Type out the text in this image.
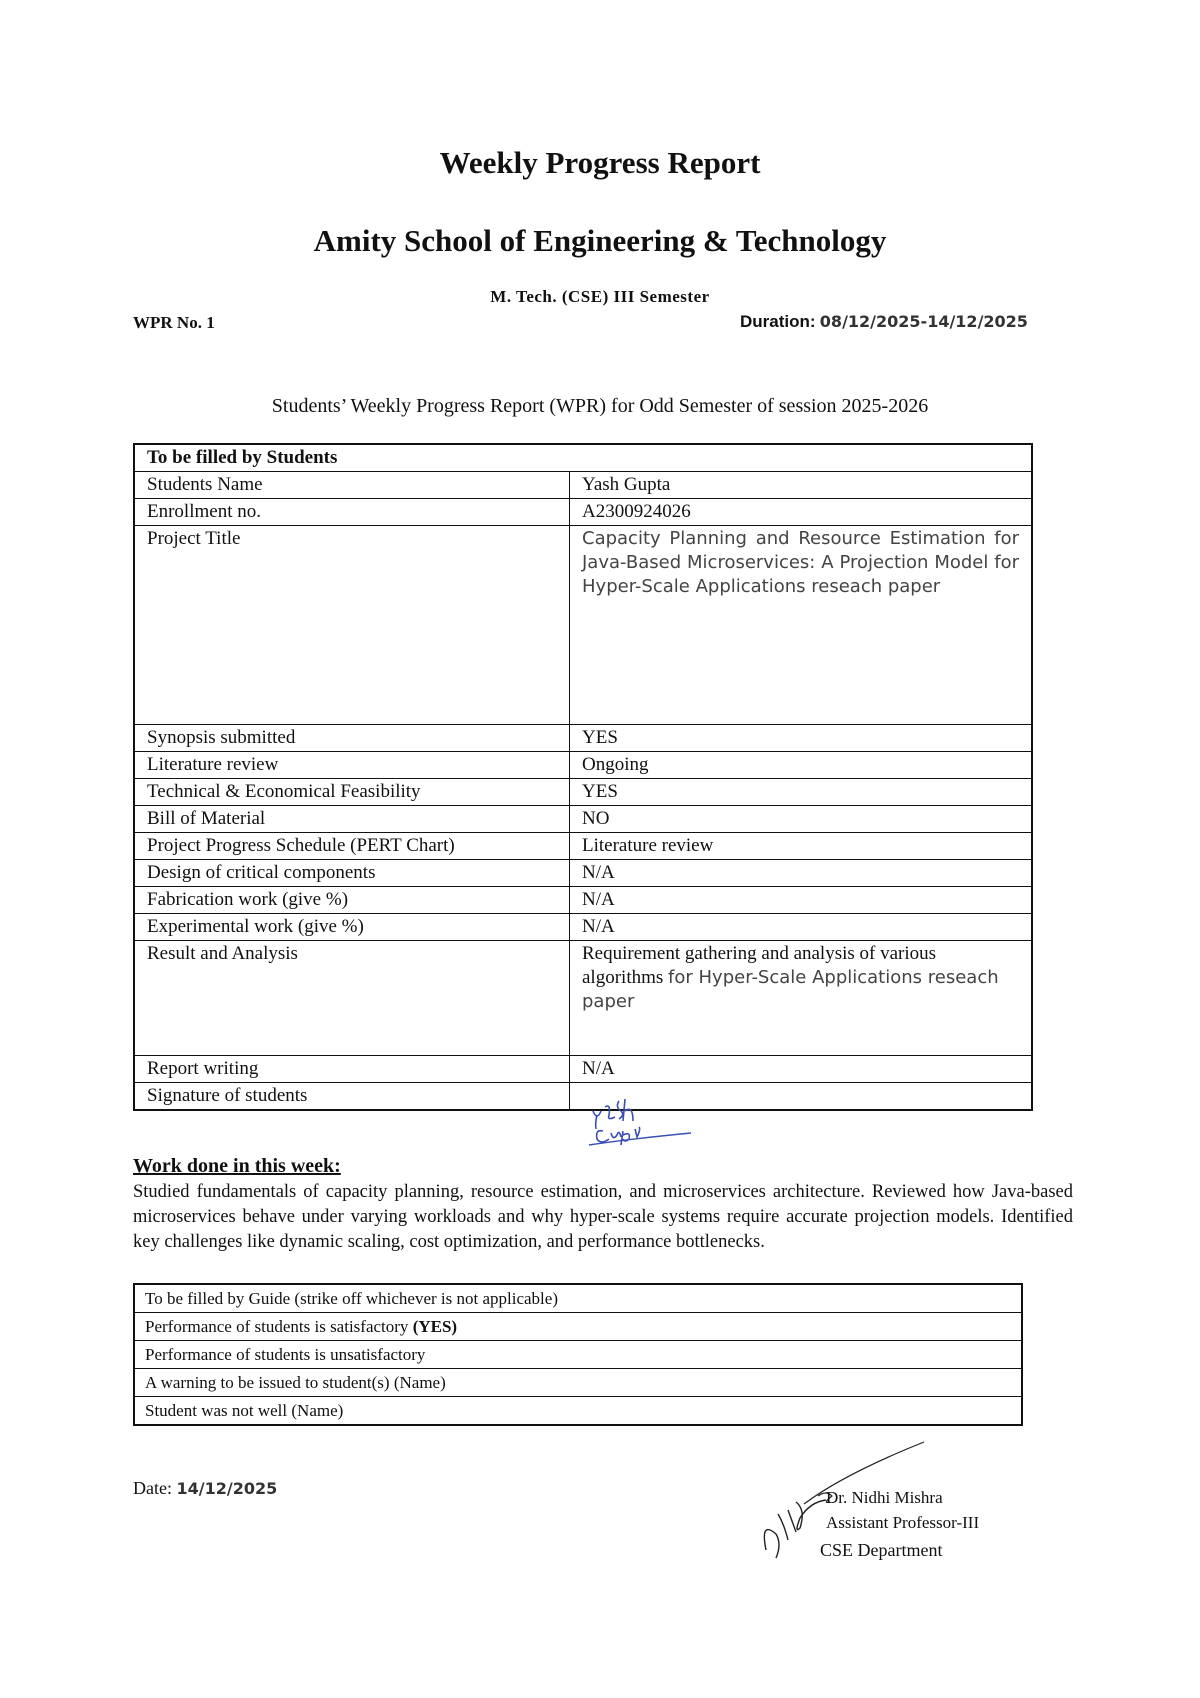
Weekly Progress Report
Amity School of Engineering & Technology
M. Tech. (CSE) III Semester
WPR No. 1	Duration: 08/12/2025-14/12/2025
Students’ Weekly Progress Report (WPR) for Odd Semester of session 2025-2026
To be filled by Students	
Students Name	Yash Gupta
Enrollment no.	A2300924026
Project Title	Capacity Planning and Resource Estimation for Java-Based Microservices: A Projection Model for Hyper-Scale Applications reseach paper
Synopsis submitted	YES
Literature review	Ongoing
Technical & Economical Feasibility	YES
Bill of Material	NO
Project Progress Schedule (PERT Chart)	Literature review
Design of critical components	N/A
Fabrication work (give %)	N/A
Experimental work (give %)	N/A
Result and Analysis	Requirement gathering and analysis of various algorithms for Hyper-Scale Applications reseach paper
Report writing	N/A
Signature of students	
Work done in this week:
Studied fundamentals of capacity planning, resource estimation, and microservices architecture. Reviewed how Java-based microservices behave under varying workloads and why hyper-scale systems require accurate projection models. Identified key challenges like dynamic scaling, cost optimization, and performance bottlenecks.
To be filled by Guide (strike off whichever is not applicable)
Performance of students is satisfactory (YES)
Performance of students is unsatisfactory
A warning to be issued to student(s) (Name)
Student was not well (Name)
Date: 14/12/2025	Dr. Nidhi Mishra
Assistant Professor-III
CSE Department
